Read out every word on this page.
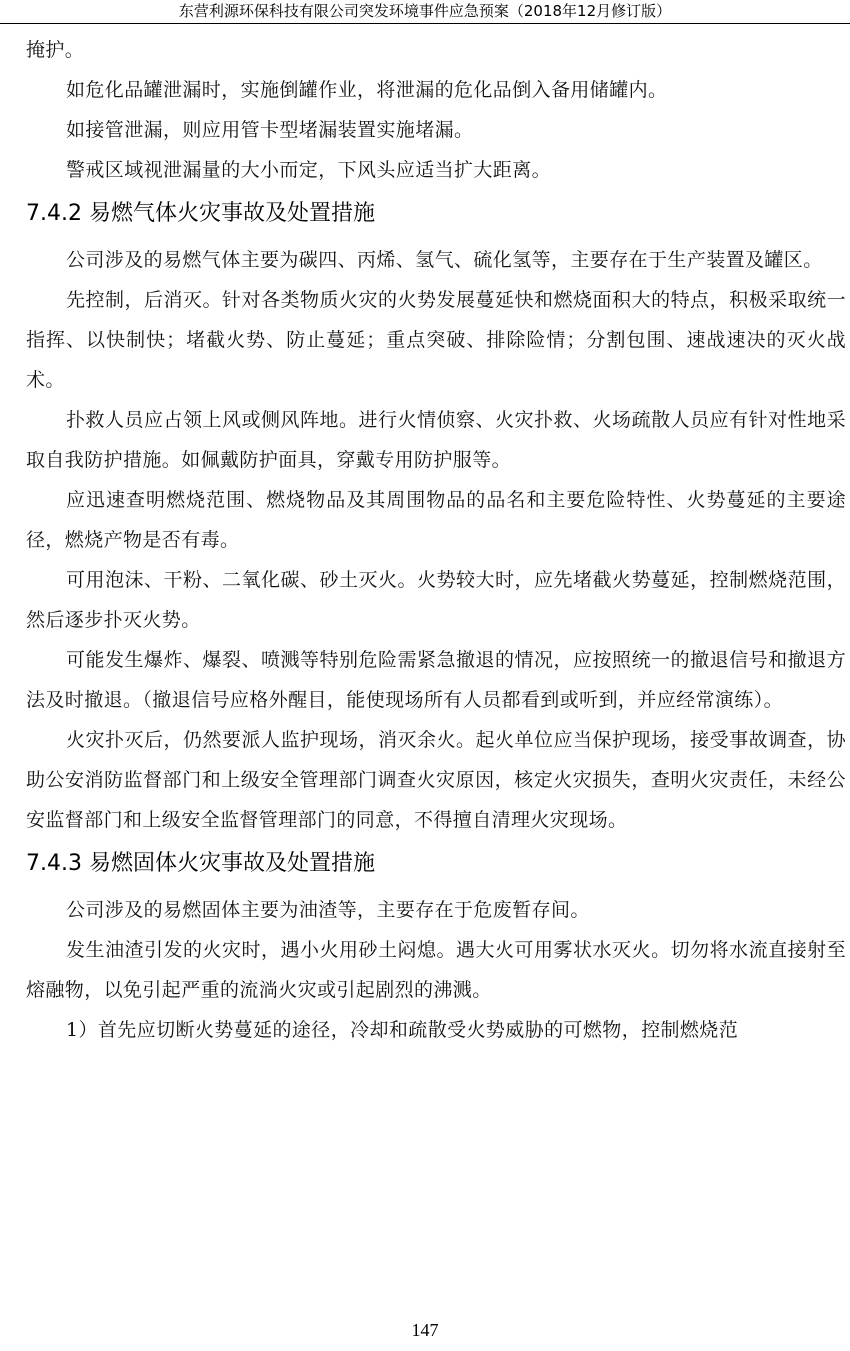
东营利源环保科技有限公司突发环境事件应急预案（2018年12月修订版）

掩护。

如危化品罐泄漏时，实施倒罐作业，将泄漏的危化品倒入备用储罐内。

如接管泄漏，则应用管卡型堵漏装置实施堵漏。

警戒区域视泄漏量的大小而定，下风头应适当扩大距离。

7.4.2 易燃气体火灾事故及处置措施

公司涉及的易燃气体主要为碳四、丙烯、氢气、硫化氢等，主要存在于生产装置及罐区。

先控制，后消灭。针对各类物质火灾的火势发展蔓延快和燃烧面积大的特点，积极采取统一指挥、以快制快；堵截火势、防止蔓延；重点突破、排除险情；分割包围、速战速决的灭火战术。

扑救人员应占领上风或侧风阵地。进行火情侦察、火灾扑救、火场疏散人员应有针对性地采取自我防护措施。如佩戴防护面具，穿戴专用防护服等。

应迅速查明燃烧范围、燃烧物品及其周围物品的品名和主要危险特性、火势蔓延的主要途径，燃烧产物是否有毒。

可用泡沫、干粉、二氧化碳、砂土灭火。火势较大时，应先堵截火势蔓延，控制燃烧范围，然后逐步扑灭火势。

可能发生爆炸、爆裂、喷溅等特别危险需紧急撤退的情况，应按照统一的撤退信号和撤退方法及时撤退。（撤退信号应格外醒目，能使现场所有人员都看到或听到，并应经常演练）。

火灾扑灭后，仍然要派人监护现场，消灭余火。起火单位应当保护现场，接受事故调查，协助公安消防监督部门和上级安全管理部门调查火灾原因，核定火灾损失，查明火灾责任，未经公安监督部门和上级安全监督管理部门的同意，不得擅自清理火灾现场。

7.4.3 易燃固体火灾事故及处置措施

公司涉及的易燃固体主要为油渣等，主要存在于危废暂存间。

发生油渣引发的火灾时，遇小火用砂土闷熄。遇大火可用雾状水灭火。切勿将水流直接射至熔融物，以免引起严重的流淌火灾或引起剧烈的沸溅。

1）首先应切断火势蔓延的途径，冷却和疏散受火势威胁的可燃物，控制燃烧范

147
